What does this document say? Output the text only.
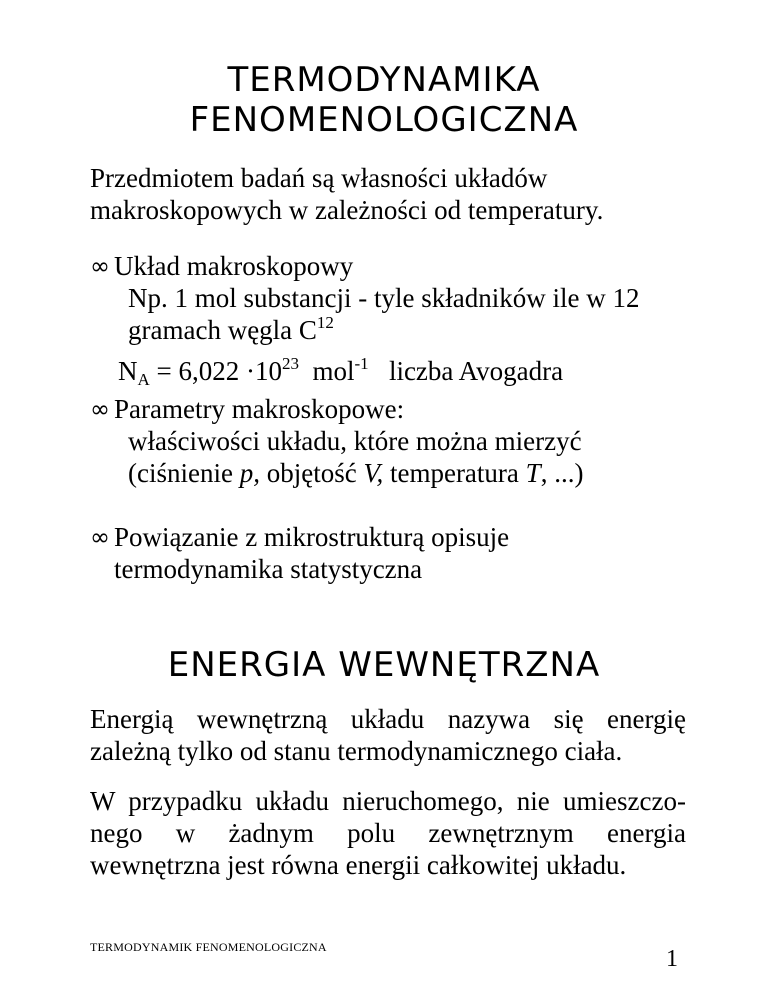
TERMODYNAMIKA
FENOMENOLOGICZNA

Przedmiotem badań są własności układów
makroskopowych w zależności od temperatury.

∞ Układ makroskopowy
Np. 1 mol substancji - tyle składników ile w 12
gramach węgla $C^{12}$
$N_A = 6,022 \cdot 10^{23}$  mol$^{-1}$   liczba Avogadra
∞ Parametry makroskopowe:
właściwości układu, które można mierzyć
(ciśnienie p, objętość V, temperatura T, ...)
∞ Powiązanie z mikrostrukturą opisuje
termodynamika statystyczna
ENERGIA WEWNĘTRZNA

Energią wewnętrzną układu nazywa się energię
zależną tylko od stanu termodynamicznego ciała.

W przypadku układu nieruchomego, nie umieszczo-
nego w żadnym polu zewnętrznym energia
wewnętrzna jest równa energii całkowitej układu.

TERMODYNAMIK FENOMENOLOGICZNA	1
